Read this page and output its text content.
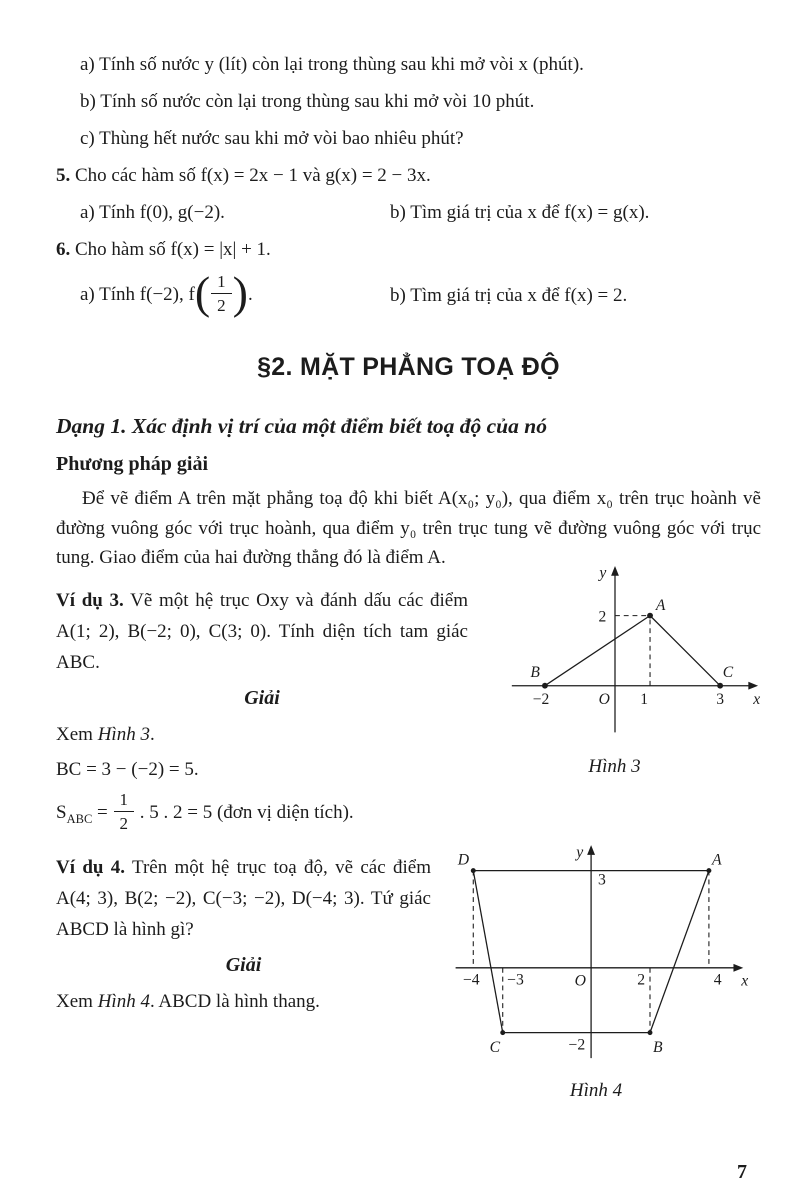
a) Tính số nước y (lít) còn lại trong thùng sau khi mở vòi x (phút).
b) Tính số nước còn lại trong thùng sau khi mở vòi 10 phút.
c) Thùng hết nước sau khi mở vòi bao nhiêu phút?
5. Cho các hàm số f(x) = 2x − 1 và g(x) = 2 − 3x.
a) Tính f(0), g(−2).	b) Tìm giá trị của x để f(x) = g(x).
6. Cho hàm số f(x) = |x| + 1.
a) Tính f(−2), $f( \frac{1}{2}$ ).	b) Tìm giá trị của x để f(x) = 2.
§2. MẶT PHẲNG TOẠ ĐỘ
Dạng 1. Xác định vị trí của một điểm biết toạ độ của nó
Phương pháp giải
Để vẽ điểm A trên mặt phẳng toạ độ khi biết A(x₀; y₀), qua điểm x₀ trên trục hoành vẽ đường vuông góc với trục hoành, qua điểm y₀ trên trục tung vẽ đường vuông góc với trục tung. Giao điểm của hai đường thẳng đó là điểm A.

Ví dụ 3. Vẽ một hệ trục Oxy và đánh dấu các điểm A(1; 2), B(−2; 0), C(3; 0). Tính diện tích tam giác ABC.

Giải
Xem Hình 3.
BC = 3 − (−2) = 5.
$S_{ABC} = \frac{1}{2}$ . 5 . 2 = 5 (đơn vị diện tích).
y
x
O
A
B	C
2
1
−2	3
Hình 3

Ví dụ 4. Trên một hệ trục toạ độ, vẽ các điểm A(4; 3), B(2; −2), C(−3; −2), D(−4; 3). Tứ giác ABCD là hình gì?

Giải
Xem Hình 4. ABCD là hình thang.
y
x
O
D	A
C	B
3
−2
−4 −3	2	4
Hình 4
7
